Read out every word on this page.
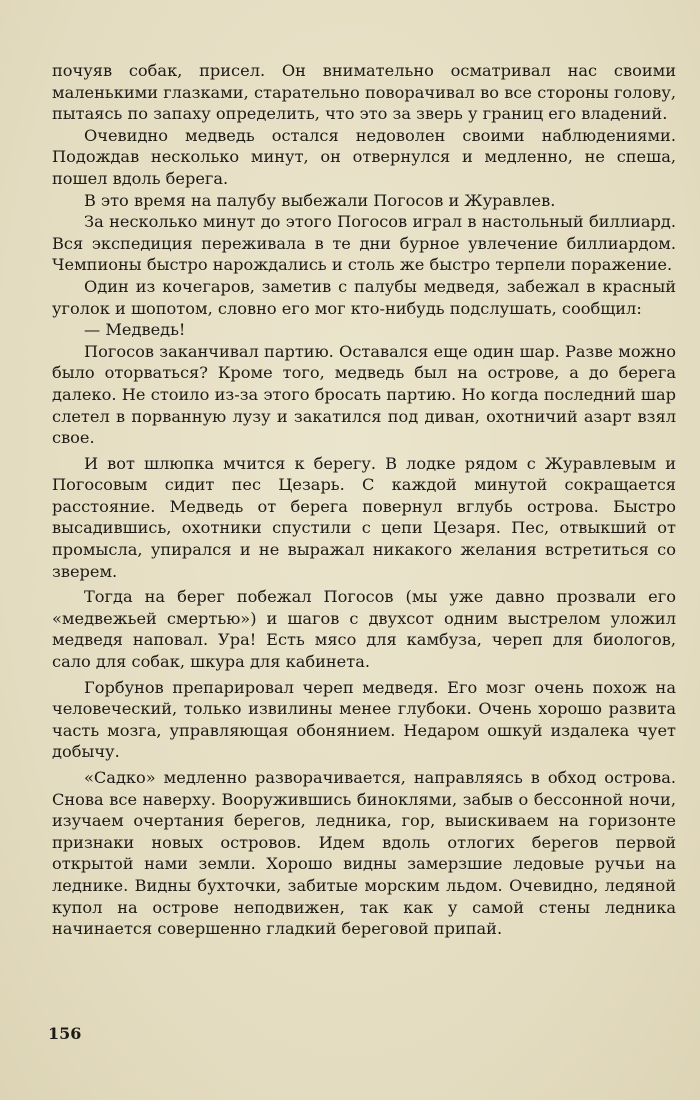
почуяв собак, присел. Он внимательно осматривал нас своими маленькими глазками, старательно поворачивал во все стороны голову, пытаясь по запаху определить, что это за зверь у границ его владений.

Очевидно медведь остался недоволен своими наблюдениями. Подождав несколько минут, он отвернулся и медленно, не спеша, пошел вдоль берега.

В это время на палубу выбежали Погосов и Журавлев.

За несколько минут до этого Погосов играл в настольный биллиард. Вся экспедиция переживала в те дни бурное увлечение биллиардом. Чемпионы быстро нарождались и столь же быстро терпели поражение.

Один из кочегаров, заметив с палубы медведя, забежал в красный уголок и шопотом, словно его мог кто-нибудь подслушать, сообщил:

— Медведь!

Погосов заканчивал партию. Оставался еще один шар. Разве можно было оторваться? Кроме того, медведь был на острове, а до берега далеко. Не стоило из-за этого бросать партию. Но когда последний шар слетел в порванную лузу и закатился под диван, охотничий азарт взял свое.

И вот шлюпка мчится к берегу. В лодке рядом с Журавлевым и Погосовым сидит пес Цезарь. С каждой минутой сокращается расстояние. Медведь от берега повернул вглубь острова. Быстро высадившись, охотники спустили с цепи Цезаря. Пес, отвыкший от промысла, упирался и не выражал никакого желания встретиться со зверем.

Тогда на берег побежал Погосов (мы уже давно прозвали его «медвежьей смертью») и шагов с двухсот одним выстрелом уложил медведя наповал. Ура! Есть мясо для камбуза, череп для биологов, сало для собак, шкура для кабинета.

Горбунов препарировал череп медведя. Его мозг очень похож на человеческий, только извилины менее глубоки. Очень хорошо развита часть мозга, управляющая обонянием. Недаром ошкуй издалека чует добычу.

«Садко» медленно разворачивается, направляясь в обход острова. Снова все наверху. Вооружившись биноклями, забыв о бессонной ночи, изучаем очертания берегов, ледника, гор, выискиваем на горизонте признаки новых островов. Идем вдоль отлогих берегов первой открытой нами земли. Хорошо видны замерзшие ледовые ручьи на леднике. Видны бухточки, забитые морским льдом. Очевидно, ледяной купол на острове неподвижен, так как у самой стены ледника начинается совершенно гладкий береговой припай.

156
